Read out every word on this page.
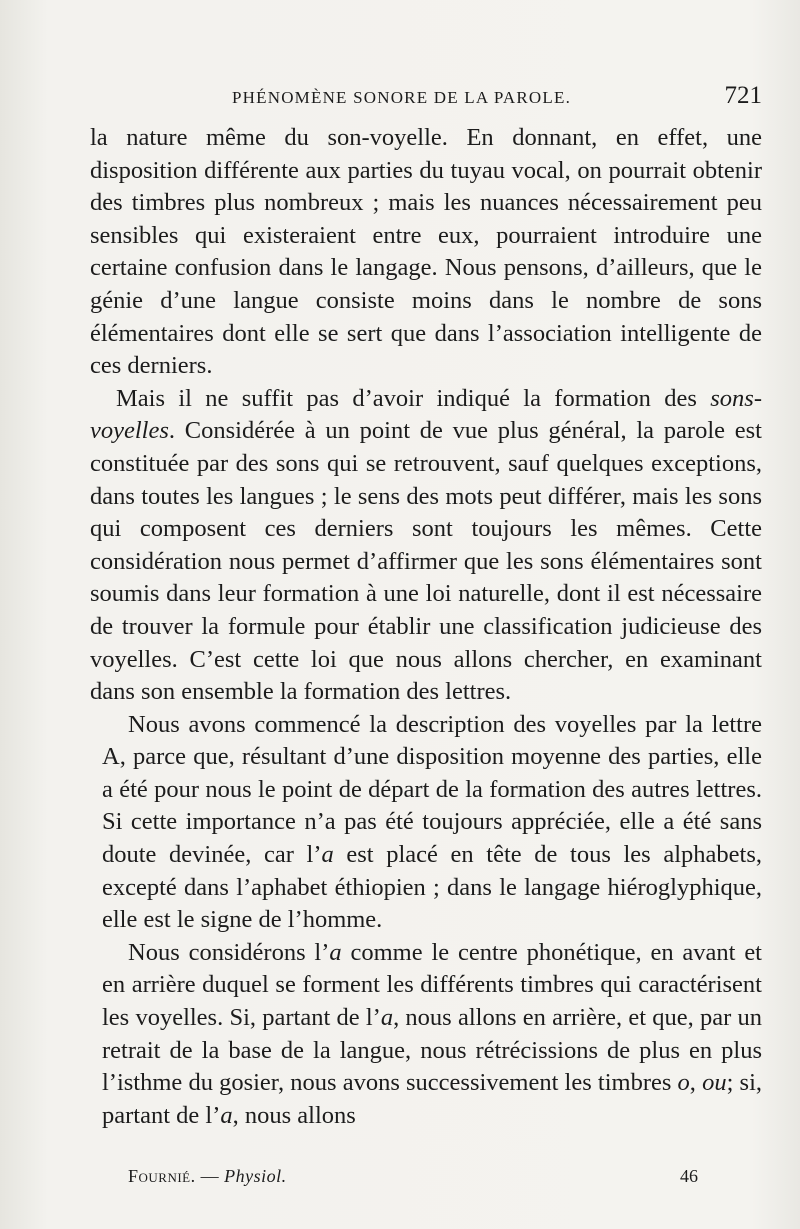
PHÉNOMÈNE SONORE DE LA PAROLE.	721

la nature même du son-voyelle. En donnant, en effet, une disposition différente aux parties du tuyau vocal, on pourrait obtenir des timbres plus nombreux ; mais les nuances nécessairement peu sensibles qui existeraient entre eux, pourraient introduire une certaine confusion dans le langage. Nous pensons, d’ailleurs, que le génie d’une langue consiste moins dans le nombre de sons élémentaires dont elle se sert que dans l’association intelligente de ces derniers.

Mais il ne suffit pas d’avoir indiqué la formation des sons-voyelles. Considérée à un point de vue plus général, la parole est constituée par des sons qui se retrouvent, sauf quelques exceptions, dans toutes les langues ; le sens des mots peut différer, mais les sons qui composent ces derniers sont toujours les mêmes. Cette considération nous permet d’affirmer que les sons élémentaires sont soumis dans leur formation à une loi naturelle, dont il est nécessaire de trouver la formule pour établir une classification judicieuse des voyelles. C’est cette loi que nous allons chercher, en examinant dans son ensemble la formation des lettres.

Nous avons commencé la description des voyelles par la lettre A, parce que, résultant d’une disposition moyenne des parties, elle a été pour nous le point de départ de la formation des autres lettres. Si cette importance n’a pas été toujours appréciée, elle a été sans doute devinée, car l’a est placé en tête de tous les alphabets, excepté dans l’aphabet éthiopien ; dans le langage hiéroglyphique, elle est le signe de l’homme.

Nous considérons l’a comme le centre phonétique, en avant et en arrière duquel se forment les différents timbres qui caractérisent les voyelles. Si, partant de l’a, nous allons en arrière, et que, par un retrait de la base de la langue, nous rétrécissions de plus en plus l’isthme du gosier, nous avons successivement les timbres o, ou; si, partant de l’a, nous allons

Fournié. — Physiol.	46
